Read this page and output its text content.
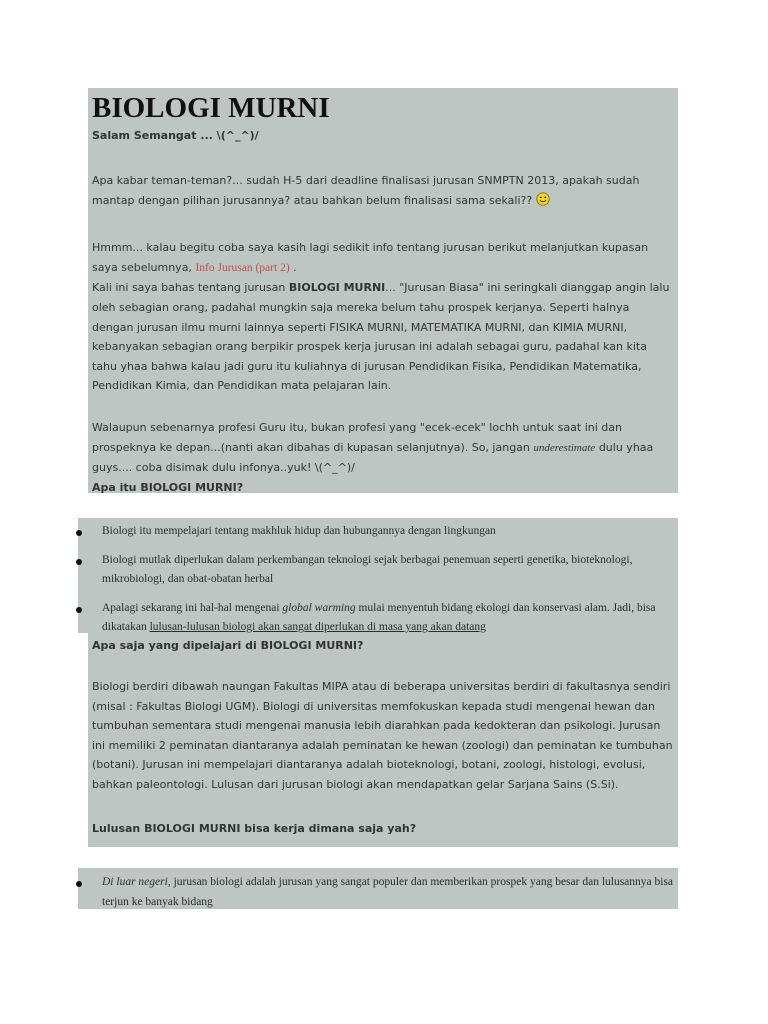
BIOLOGI MURNI
Salam Semangat ... \(^_^)/

Apa kabar teman-teman?... sudah H-5 dari deadline finalisasi jurusan SNMPTN 2013, apakah sudah mantap dengan pilihan jurusannya? atau bahkan belum finalisasi sama sekali??

Hmmm... kalau begitu coba saya kasih lagi sedikit info tentang jurusan berikut melanjutkan kupasan saya sebelumnya, Info Jurusan (part 2) .

Kali ini saya bahas tentang jurusan BIOLOGI MURNI... "Jurusan Biasa" ini seringkali dianggap angin lalu oleh sebagian orang, padahal mungkin saja mereka belum tahu prospek kerjanya. Seperti halnya dengan jurusan ilmu murni lainnya seperti FISIKA MURNI, MATEMATIKA MURNI, dan KIMIA MURNI, kebanyakan sebagian orang berpikir prospek kerja jurusan ini adalah sebagai guru, padahal kan kita tahu yhaa bahwa kalau jadi guru itu kuliahnya di jurusan Pendidikan Fisika, Pendidikan Matematika, Pendidikan Kimia, dan Pendidikan mata pelajaran lain.

Walaupun sebenarnya profesi Guru itu, bukan profesi yang "ecek-ecek" lochh untuk saat ini dan prospeknya ke depan...(nanti akan dibahas di kupasan selanjutnya). So, jangan underestimate dulu yhaa guys.... coba disimak dulu infonya..yuk! \(^_^)/

Apa itu BIOLOGI MURNI?
Biologi itu mempelajari tentang makhluk hidup dan hubungannya dengan lingkungan
Biologi mutlak diperlukan dalam perkembangan teknologi sejak berbagai penemuan seperti genetika, bioteknologi, mikrobiologi, dan obat-obatan herbal
Apalagi sekarang ini hal-hal mengenai global warming mulai menyentuh bidang ekologi dan konservasi alam. Jadi, bisa dikatakan lulusan-lulusan biologi akan sangat diperlukan di masa yang akan datang
Apa saja yang dipelajari di BIOLOGI MURNI?

Biologi berdiri dibawah naungan Fakultas MIPA atau di beberapa universitas berdiri di fakultasnya sendiri (misal : Fakultas Biologi UGM). Biologi di universitas memfokuskan kepada studi mengenai hewan dan tumbuhan sementara studi mengenai manusia lebih diarahkan pada kedokteran dan psikologi. Jurusan ini memiliki 2 peminatan diantaranya adalah peminatan ke hewan (zoologi) dan peminatan ke tumbuhan (botani). Jurusan ini mempelajari diantaranya adalah bioteknologi, botani, zoologi, histologi, evolusi, bahkan paleontologi. Lulusan dari jurusan biologi akan mendapatkan gelar Sarjana Sains (S.Si).

Lulusan BIOLOGI MURNI bisa kerja dimana saja yah?
Di luar negeri, jurusan biologi adalah jurusan yang sangat populer dan memberikan prospek yang besar dan lulusannya bisa terjun ke banyak bidang
